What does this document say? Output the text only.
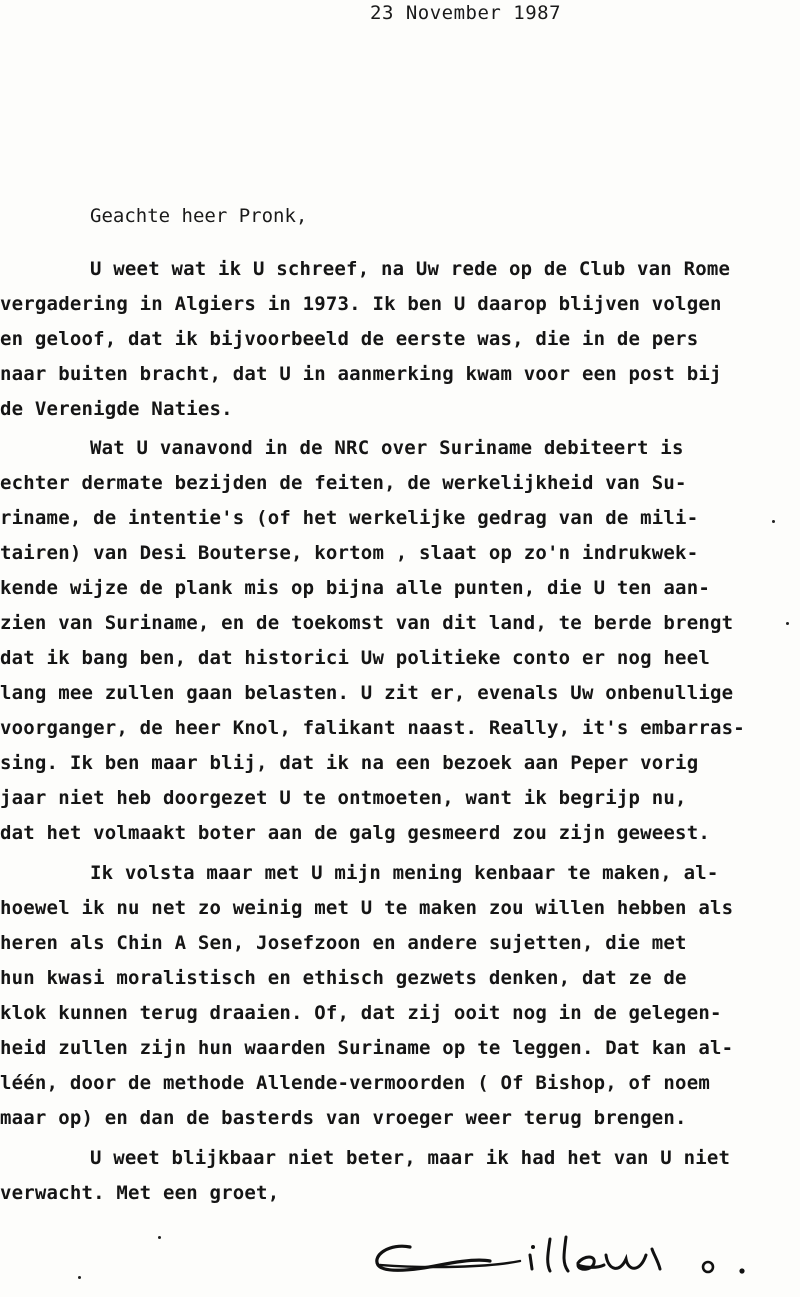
23 November 1987
Geachte heer Pronk,
U weet wat ik U schreef, na Uw rede op de Club van Rome
vergadering in Algiers in 1973. Ik ben U daarop blijven volgen
en geloof, dat ik bijvoorbeeld de eerste was, die in de pers
naar buiten bracht, dat U in aanmerking kwam voor een post bij
de Verenigde Naties.
Wat U vanavond in de NRC over Suriname debiteert is
echter dermate bezijden de feiten, de werkelijkheid van Su-
riname, de intentie's (of het werkelijke gedrag van de mili-
tairen) van Desi Bouterse, kortom , slaat op zo'n indrukwek-
kende wijze de plank mis op bijna alle punten, die U ten aan-
zien van Suriname, en de toekomst van dit land, te berde brengt
dat ik bang ben, dat historici Uw politieke conto er nog heel
lang mee zullen gaan belasten. U zit er, evenals Uw onbenullige
voorganger, de heer Knol, falikant naast. Really, it's embarras-
sing. Ik ben maar blij, dat ik na een bezoek aan Peper vorig
jaar niet heb doorgezet U te ontmoeten, want ik begrijp nu,
dat het volmaakt boter aan de galg gesmeerd zou zijn geweest.
Ik volsta maar met U mijn mening kenbaar te maken, al-
hoewel ik nu net zo weinig met U te maken zou willen hebben als
heren als Chin A Sen, Josefzoon en andere sujetten, die met
hun kwasi moralistisch en ethisch gezwets denken, dat ze de
klok kunnen terug draaien. Of, dat zij ooit nog in de gelegen-
heid zullen zijn hun waarden Suriname op te leggen. Dat kan al-
léén, door de methode Allende-vermoorden ( Of Bishop, of noem
maar op) en dan de basterds van vroeger weer terug brengen.
U weet blijkbaar niet beter, maar ik had het van U niet
verwacht. Met een groet,
